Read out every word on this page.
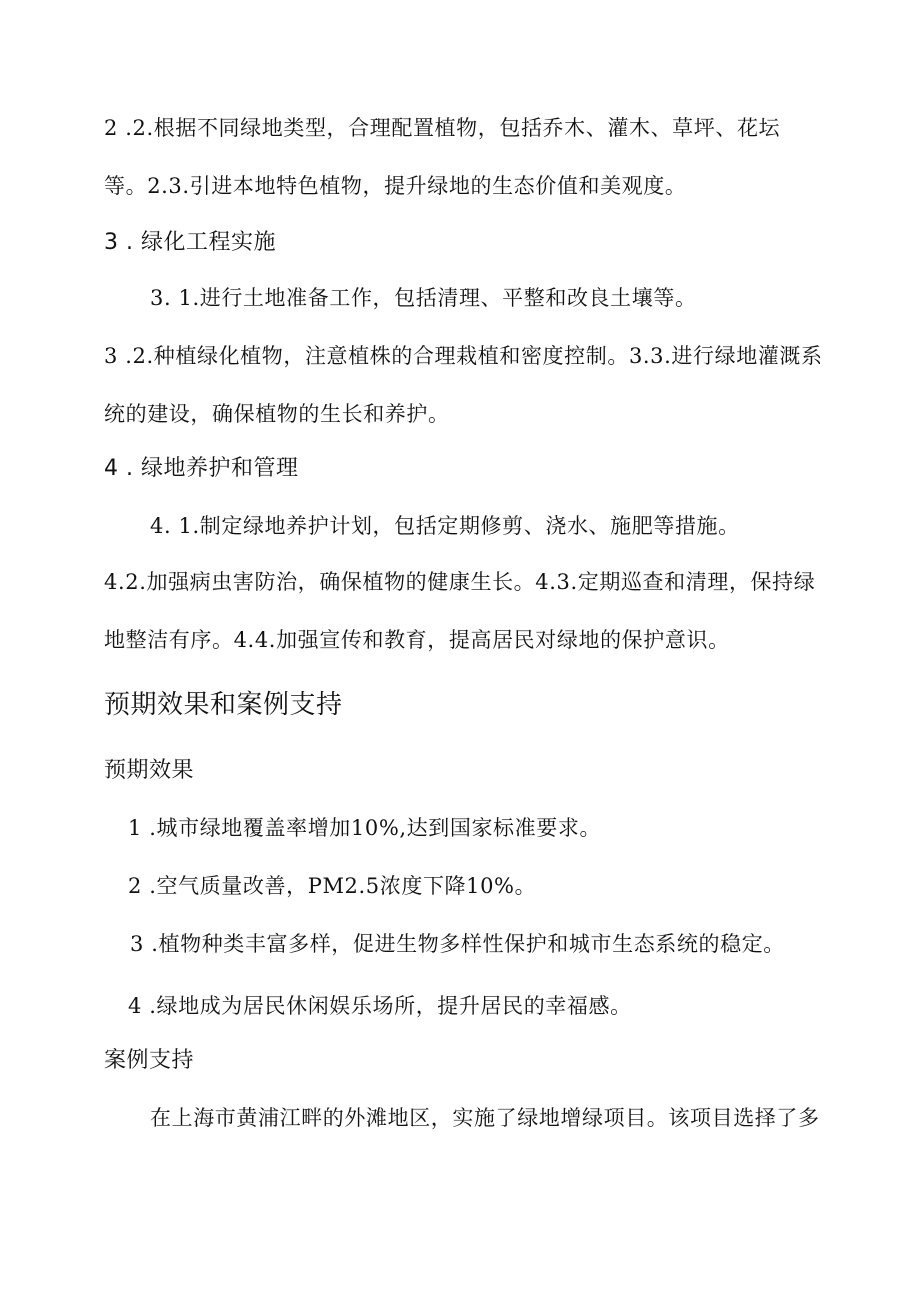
2 .2.根据不同绿地类型，合理配置植物，包括乔木、灌木、草坪、花坛
等。2.3.引进本地特色植物，提升绿地的生态价值和美观度。
3 . 绿化工程实施
3. 1.进行土地准备工作，包括清理、平整和改良土壤等。
3 .2.种植绿化植物，注意植株的合理栽植和密度控制。3.3.进行绿地灌溉系
统的建设，确保植物的生长和养护。
4 . 绿地养护和管理
4. 1.制定绿地养护计划，包括定期修剪、浇水、施肥等措施。
4.2.加强病虫害防治，确保植物的健康生长。4.3.定期巡查和清理，保持绿
地整洁有序。4.4.加强宣传和教育，提高居民对绿地的保护意识。
预期效果和案例支持
预期效果
1 .城市绿地覆盖率增加10%,达到国家标准要求。
2 .空气质量改善，PM2.5浓度下降10%。
3 .植物种类丰富多样，促进生物多样性保护和城市生态系统的稳定。
4 .绿地成为居民休闲娱乐场所，提升居民的幸福感。
案例支持
在上海市黄浦江畔的外滩地区，实施了绿地增绿项目。该项目选择了多
